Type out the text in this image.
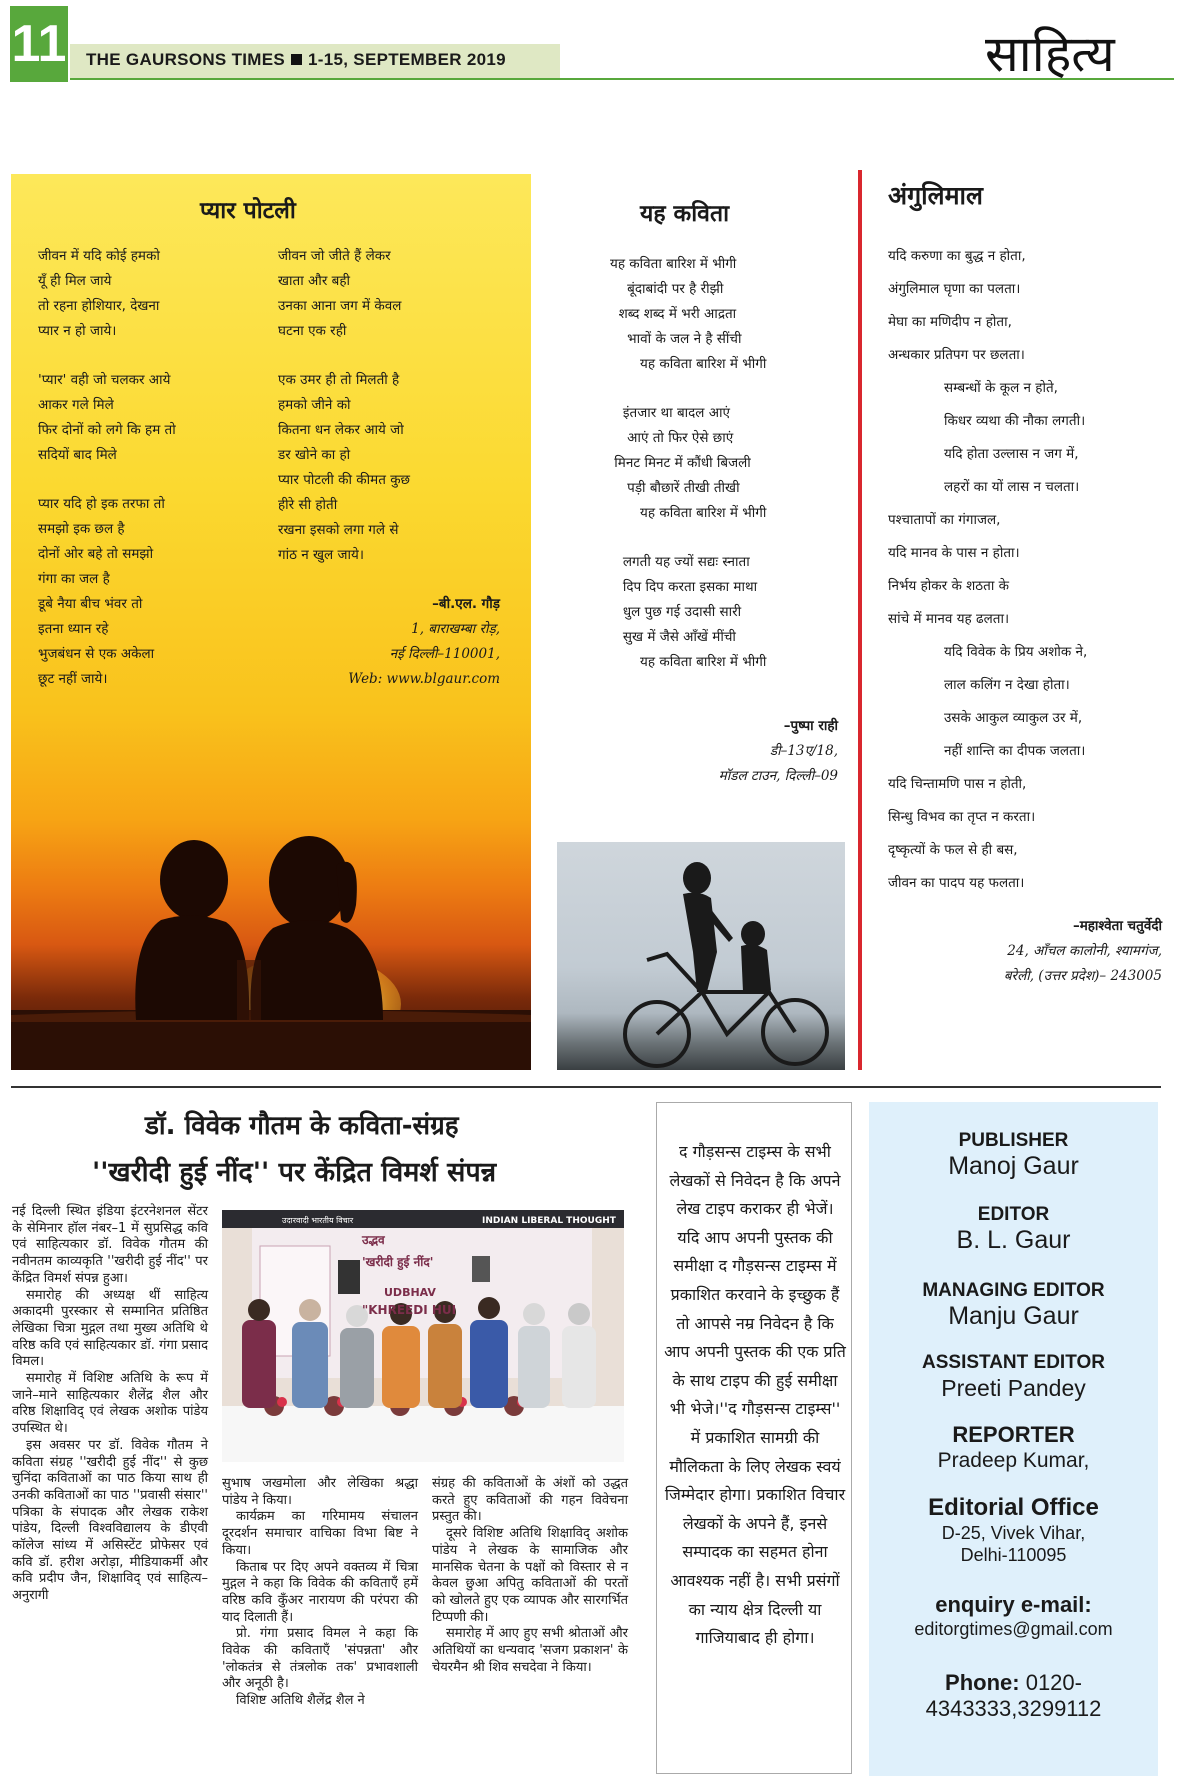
11 THE GAURSONS TIMES 1-15, SEPTEMBER 2019	साहित्य
प्यार पोटली

जीवन में यदि कोई हमको

यूँ ही मिल जाये

तो रहना होशियार, देखना

प्यार न हो जाये।

'प्यार' वही जो चलकर आये

आकर गले मिले

फिर दोनों को लगे कि हम तो

सदियों बाद मिले

प्यार यदि हो इक तरफा तो

समझो इक छल है

दोनों ओर बहे तो समझो

गंगा का जल है

डूबे नैया बीच भंवर तो

इतना ध्यान रहे

भुजबंधन से एक अकेला

छूट नहीं जाये।

जीवन जो जीते हैं लेकर

खाता और बही

उनका आना जग में केवल

घटना एक रही

एक उमर ही तो मिलती है

हमको जीने को

कितना धन लेकर आये जो

डर खोने का हो

प्यार पोटली की कीमत कुछ

हीरे सी होती

रखना इसको लगा गले से

गांठ न खुल जाये।

–बी.एल. गौड़
1, बाराखम्बा रोड़,
नई दिल्ली–110001,
Web: www.blgaur.com
यह कविता

यह कविता बारिश में भीगी

बूंदाबांदी पर है रीझी

शब्द शब्द में भरी आद्रता

भावों के जल ने है सींची

यह कविता बारिश में भीगी

इंतजार था बादल आएं

आएं तो फिर ऐसे छाएं

मिनट मिनट में कौंधी बिजली

पड़ी बौछारें तीखी तीखी

यह कविता बारिश में भीगी

लगती यह ज्यों सद्यः स्नाता

दिप दिप करता इसका माथा

धुल पुछ गई उदासी सारी

सुख में जैसे आँखें मींची

यह कविता बारिश में भीगी

–पुष्पा राही
डी–13ए/18,
मॉडल टाउन, दिल्ली–09
अंगुलिमाल

यदि करुणा का बुद्ध न होता,

अंगुलिमाल घृणा का पलता।

मेघा का मणिदीप न होता,

अन्धकार प्रतिपग पर छलता।

सम्बन्धों के कूल न होते,

किधर व्यथा की नौका लगती।

यदि होता उल्लास न जग में,

लहरों का यों लास न चलता।

पश्चातापों का गंगाजल,

यदि मानव के पास न होता।

निर्भय होकर के शठता के

सांचे में मानव यह ढलता।

यदि विवेक के प्रिय अशोक ने,

लाल कलिंग न देखा होता।

उसके आकुल व्याकुल उर में,

नहीं शान्ति का दीपक जलता।

यदि चिन्तामणि पास न होती,

सिन्धु विभव का तृप्त न करता।

दृष्कृत्यों के फल से ही बस,

जीवन का पादप यह फलता।

–महाश्वेता चतुर्वेदी
24, आँचल कालोनी, श्यामगंज,
बरेली, (उत्तर प्रदेश)– 243005
डॉ. विवेक गौतम के कविता-संग्रह
''खरीदी हुई नींद'' पर केंद्रित विमर्श संपन्न

नई दिल्ली स्थित इंडिया इंटरनेशनल सेंटर के सेमिनार हॉल नंबर–1 में सुप्रसिद्ध कवि एवं साहित्यकार डॉ. विवेक गौतम की नवीनतम काव्यकृति ''खरीदी हुई नींद'' पर केंद्रित विमर्श संपन्न हुआ।

समारोह की अध्यक्ष थीं साहित्य अकादमी पुरस्कार से सम्मानित प्रतिष्ठित लेखिका चित्रा मुद्गल तथा मुख्य अतिथि थे वरिष्ठ कवि एवं साहित्यकार डॉ. गंगा प्रसाद विमल।

समारोह में विशिष्ट अतिथि के रूप में जाने–माने साहित्यकार शैलेंद्र शैल और वरिष्ठ शिक्षाविद् एवं लेखक अशोक पांडेय उपस्थित थे।

इस अवसर पर डॉ. विवेक गौतम ने कविता संग्रह ''खरीदी हुई नींद'' से कुछ चुनिंदा कविताओं का पाठ किया साथ ही उनकी कविताओं का पाठ ''प्रवासी संसार'' पत्रिका के संपादक और लेखक राकेश पांडेय, दिल्ली विश्वविद्यालय के डीएवी कॉलेज सांध्य में असिस्टेंट प्रोफेसर एवं कवि डॉ. हरीश अरोड़ा, मीडियाकर्मी और कवि प्रदीप जैन, शिक्षाविद् एवं साहित्य–अनुरागी

उदारवादी भारतीय विचार	INDIAN LIBERAL THOUGHT
उद्भव
'खरीदी हुई नींद'
UDBHAV
"KHREEDI HUI

सुभाष जखमोला और लेखिका श्रद्धा पांडेय ने किया।

कार्यक्रम का गरिमामय संचालन दूरदर्शन समाचार वाचिका विभा बिष्ट ने किया।

किताब पर दिए अपने वक्तव्य में चित्रा मुद्गल ने कहा कि विवेक की कविताएँ हमें वरिष्ठ कवि कुँअर नारायण की परंपरा की याद दिलाती हैं।

प्रो. गंगा प्रसाद विमल ने कहा कि विवेक की कविताएँ 'संपन्नता' और 'लोकतंत्र से तंत्रलोक तक' प्रभावशाली और अनूठी है।

विशिष्ट अतिथि शैलेंद्र शैल ने

संग्रह की कविताओं के अंशों को उद्धत करते हुए कविताओं की गहन विवेचना प्रस्तुत की।

दूसरे विशिष्ट अतिथि शिक्षाविद् अशोक पांडेय ने लेखक के सामाजिक और मानसिक चेतना के पक्षों को विस्तार से न केवल छुआ अपितु कविताओं की परतों को खोलते हुए एक व्यापक और सारगर्भित टिप्पणी की।

समारोह में आए हुए सभी श्रोताओं और अतिथियों का धन्यवाद 'सजग प्रकाशन' के चेयरमैन श्री शिव सचदेवा ने किया।

द गौड़सन्स टाइम्स के सभी लेखकों से निवेदन है कि अपने लेख टाइप कराकर ही भेजें। यदि आप अपनी पुस्तक की समीक्षा द गौड़सन्स टाइम्स में प्रकाशित करवाने के इच्छुक हैं तो आपसे नम्र निवेदन है कि आप अपनी पुस्तक की एक प्रति के साथ टाइप की हुई समीक्षा भी भेजे।''द गौड़सन्स टाइम्स'' में प्रकाशित सामग्री की मौलिकता के लिए लेखक स्वयं जिम्मेदार होगा। प्रकाशित विचार लेखकों के अपने हैं, इनसे सम्पादक का सहमत होना आवश्यक नहीं है। सभी प्रसंगों का न्याय क्षेत्र दिल्ली या गाजियाबाद ही होगा।
PUBLISHER
Manoj Gaur
EDITOR
B. L. Gaur
MANAGING EDITOR
Manju Gaur
ASSISTANT EDITOR
Preeti Pandey
REPORTER
Pradeep Kumar,
Editorial Office
D-25, Vivek Vihar,
Delhi-110095
enquiry e-mail:
editorgtimes@gmail.com
Phone: 0120-
4343333,3299112
